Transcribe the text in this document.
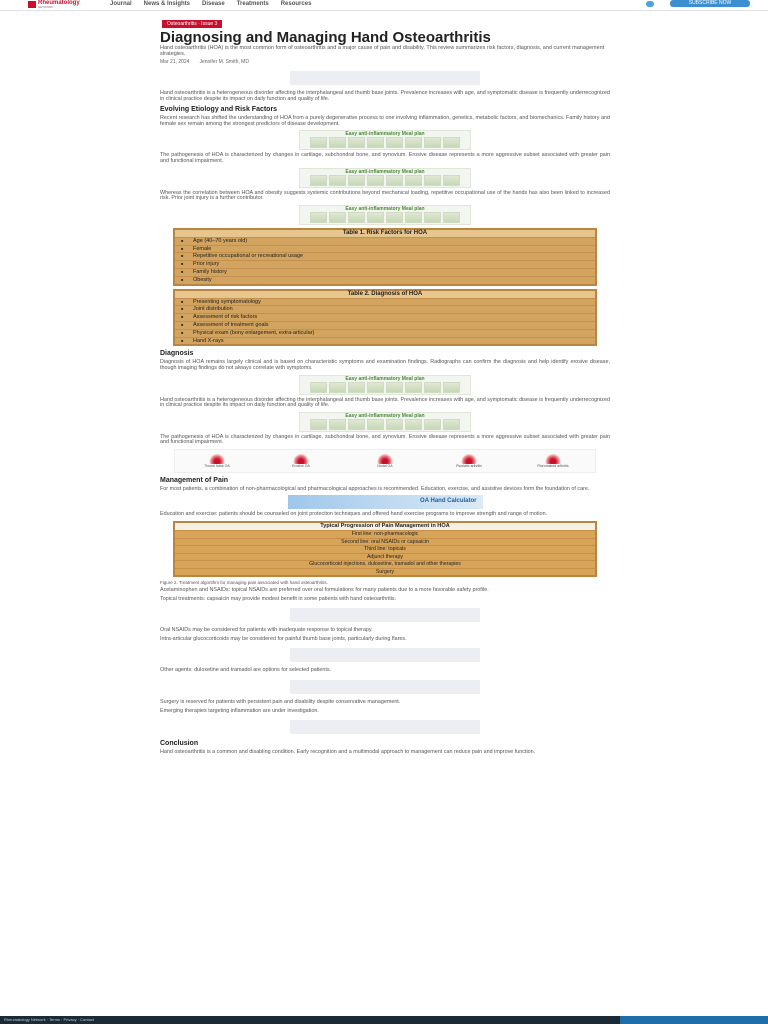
Rheumatology
NETWORK	Journal News & Insights Disease Treatments Resources	SUBSCRIBE NOW
Osteoarthritis · Issue 3
Diagnosing and Managing Hand Osteoarthritis
Hand osteoarthritis (HOA) is the most common form of osteoarthritis and a major cause of pain and disability. This review summarizes risk factors, diagnosis, and current management strategies.
Mar 21, 2024 Jennifer M. Smith, MD
Hand osteoarthritis is a heterogeneous disorder affecting the interphalangeal and thumb base joints. Prevalence increases with age, and symptomatic disease is frequently underrecognized in clinical practice despite its impact on daily function and quality of life.
Evolving Etiology and Risk Factors
Recent research has shifted the understanding of HOA from a purely degenerative process to one involving inflammation, genetics, metabolic factors, and biomechanics. Family history and female sex remain among the strongest predictors of disease development.
Easy anti-inflammatory Meal plan
The pathogenesis of HOA is characterized by changes in cartilage, subchondral bone, and synovium. Erosive disease represents a more aggressive subset associated with greater pain and functional impairment.
Easy anti-inflammatory Meal plan
Whereas the correlation between HOA and obesity suggests systemic contributions beyond mechanical loading, repetitive occupational use of the hands has also been linked to increased risk. Prior joint injury is a further contributor.
Easy anti-inflammatory Meal plan
Table 1. Risk Factors for HOA
■ Age (40–70 years old)
■ Female
■ Repetitive occupational or recreational usage
■ Prior injury
■ Family history
■ Obesity
Table 2. Diagnosis of HOA
■ Presenting symptomatology
■ Joint distribution
■ Assessment of risk factors
■ Assessment of treatment goals
■ Physical exam (bony enlargement, extra-articular)
■ Hand X-rays
Diagnosis
Diagnosis of HOA remains largely clinical and is based on characteristic symptoms and examination findings. Radiographs can confirm the diagnosis and help identify erosive disease, though imaging findings do not always correlate with symptoms.
Easy anti-inflammatory Meal plan
Hand osteoarthritis is a heterogeneous disorder affecting the interphalangeal and thumb base joints. Prevalence increases with age, and symptomatic disease is frequently underrecognized in clinical practice despite its impact on daily function and quality of life.
Easy anti-inflammatory Meal plan
The pathogenesis of HOA is characterized by changes in cartilage, subchondral bone, and synovium. Erosive disease represents a more aggressive subset associated with greater pain and functional impairment.
Thumb base OA	Erosive OA	Nodal OA	Psoriatic arthritis	Rheumatoid arthritis
Management of Pain
For most patients, a combination of non-pharmacological and pharmacological approaches is recommended. Education, exercise, and assistive devices form the foundation of care.
OA Hand Calculator
Education and exercise: patients should be counseled on joint protection techniques and offered hand exercise programs to improve strength and range of motion.
Typical Progression of Pain Management in HOA
First line: non-pharmacologic
Second line: oral NSAIDs or capsaicin
Third line: topicals
Adjunct therapy
Glucocorticoid injections, duloxetine, tramadol and other therapies
Surgery
Figure 2. Treatment algorithm for managing pain associated with hand osteoarthritis.
Acetaminophen and NSAIDs: topical NSAIDs are preferred over oral formulations for many patients due to a more favorable safety profile.
Topical treatments: capsaicin may provide modest benefit in some patients with hand osteoarthritis.
Oral NSAIDs may be considered for patients with inadequate response to topical therapy.
Intra-articular glucocorticoids may be considered for painful thumb base joints, particularly during flares.
Other agents: duloxetine and tramadol are options for selected patients.
Surgery is reserved for patients with persistent pain and disability despite conservative management.
Emerging therapies targeting inflammation are under investigation.
Conclusion
Hand osteoarthritis is a common and disabling condition. Early recognition and a multimodal approach to management can reduce pain and improve function.
Rheumatology Network · Terms · Privacy · Contact
